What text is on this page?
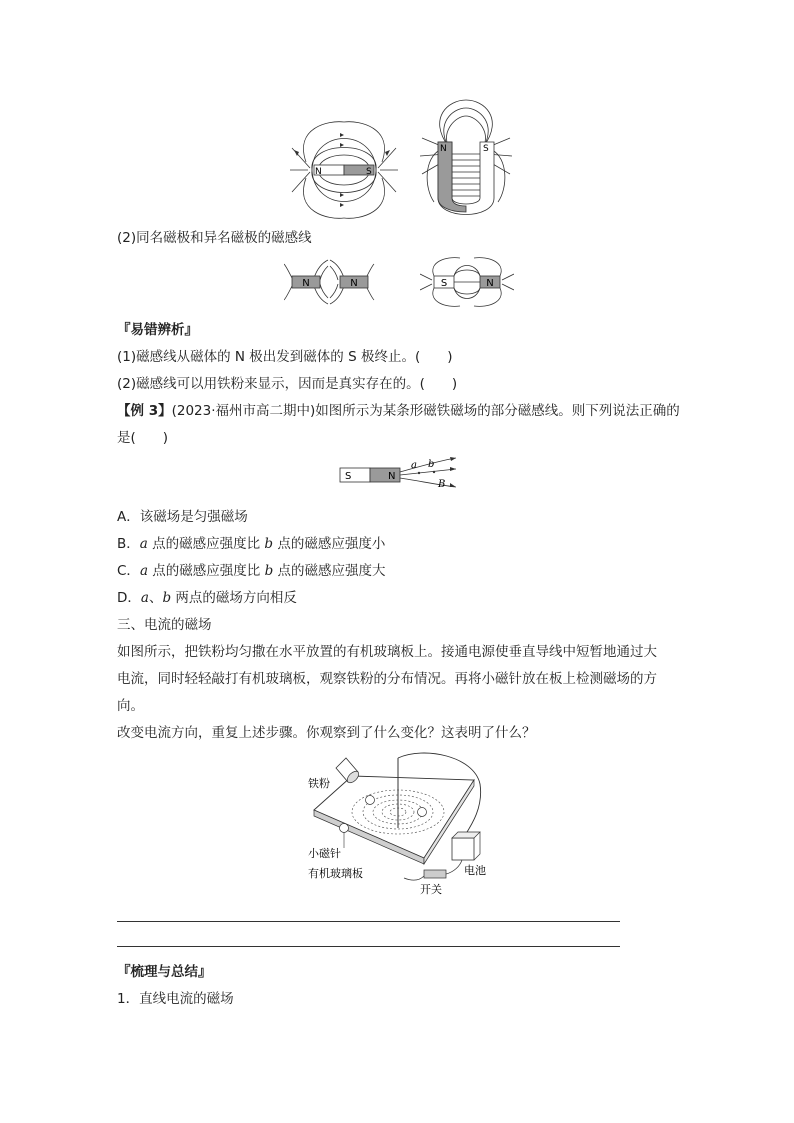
N	S
N	S
(2)同名磁极和异名磁极的磁感线
N	N	S	N
『易错辨析』
(1)磁感线从磁体的 N 极出发到磁体的 S 极终止。(　　)
(2)磁感线可以用铁粉来显示，因而是真实存在的。(　　)
【例 3】(2023·福州市高二期中)如图所示为某条形磁铁磁场的部分磁感线。则下列说法正确的
是(　　)
S	N
a b
B
A．该磁场是匀强磁场
B．a 点的磁感应强度比 b 点的磁感应强度小
C．a 点的磁感应强度比 b 点的磁感应强度大
D．a、b 两点的磁场方向相反
三、电流的磁场
如图所示，把铁粉均匀撒在水平放置的有机玻璃板上。接通电源使垂直导线中短暂地通过大
电流，同时轻轻敲打有机玻璃板，观察铁粉的分布情况。再将小磁针放在板上检测磁场的方
向。
改变电流方向，重复上述步骤。你观察到了什么变化？这表明了什么？
铁粉
小磁针
有机玻璃板	电池
开关
『梳理与总结』
1．直线电流的磁场
